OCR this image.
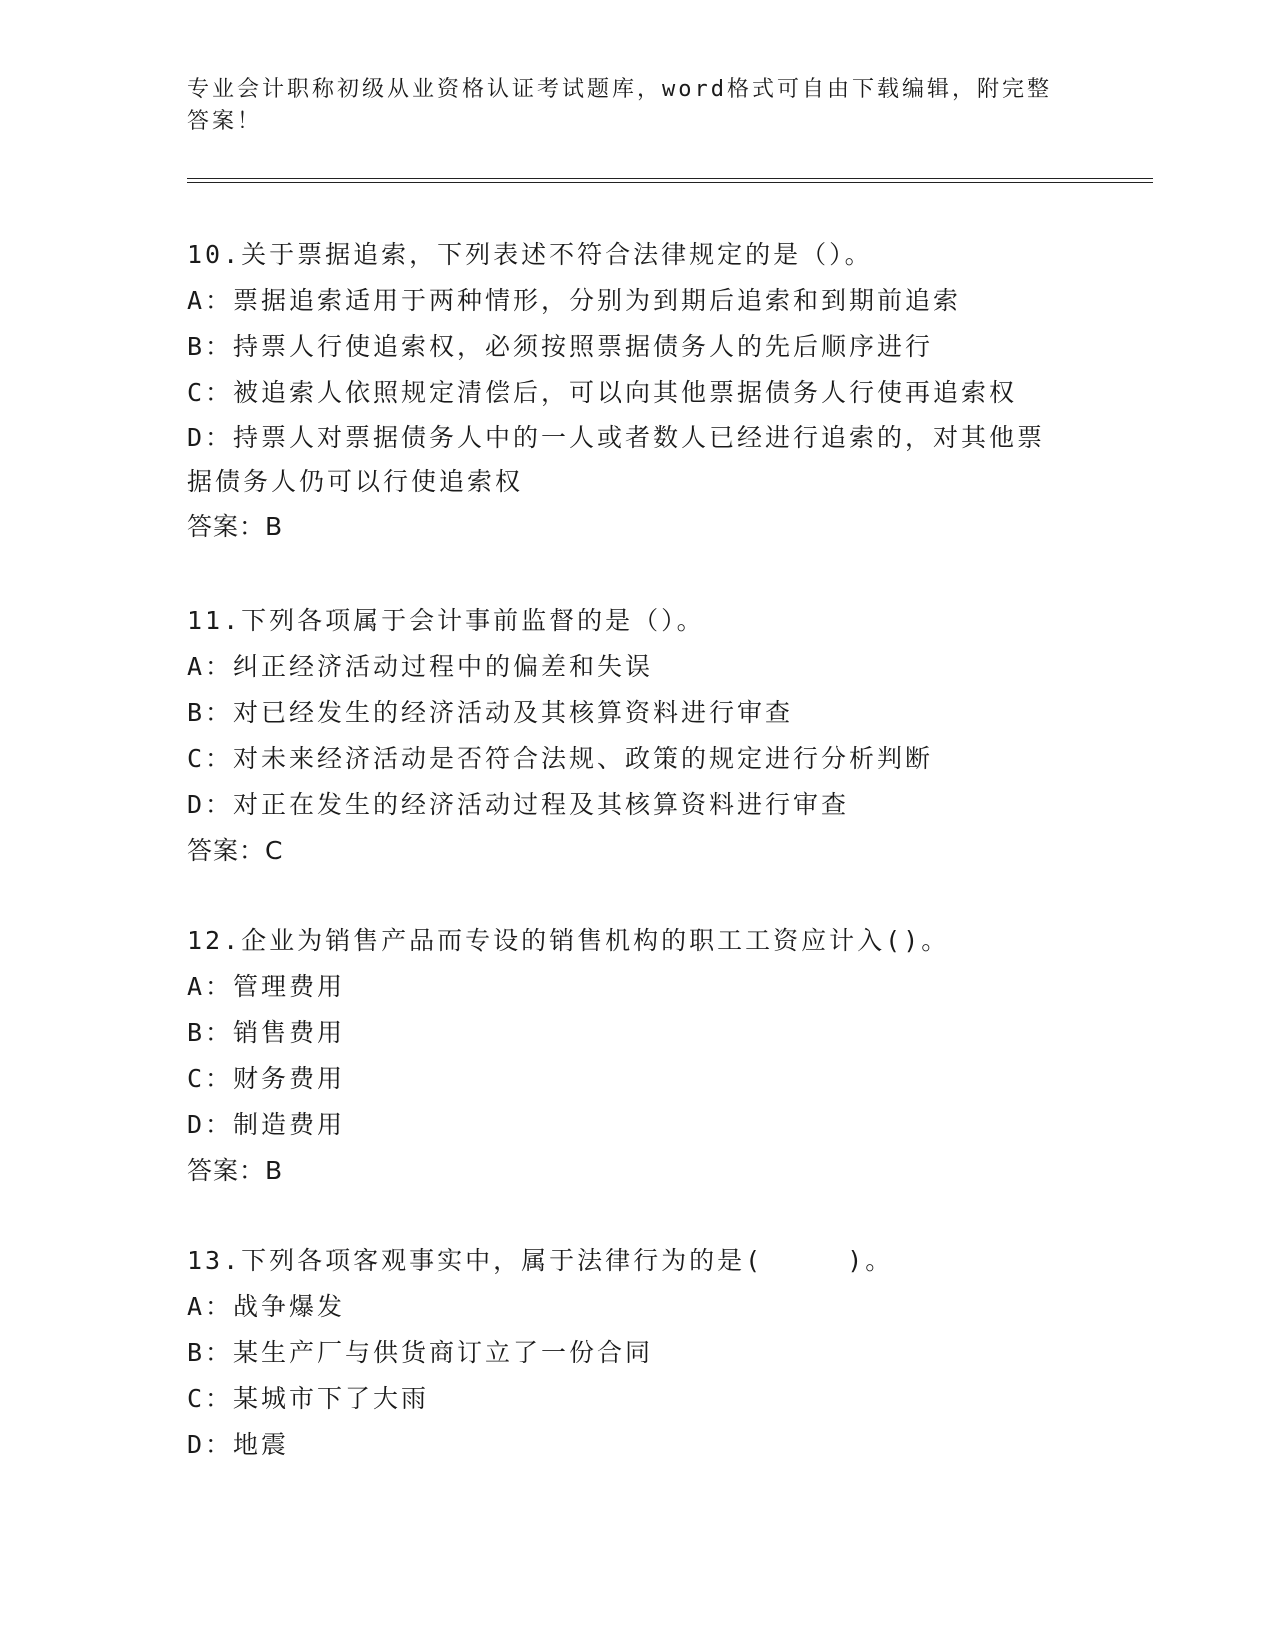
专业会计职称初级从业资格认证考试题库，word格式可自由下载编辑，附完整答案！
10.关于票据追索，下列表述不符合法律规定的是（）。
A：票据追索适用于两种情形，分别为到期后追索和到期前追索
B：持票人行使追索权，必须按照票据债务人的先后顺序进行
C：被追索人依照规定清偿后，可以向其他票据债务人行使再追索权
D：持票人对票据债务人中的一人或者数人已经进行追索的，对其他票据债务人仍可以行使追索权
答案：B
11.下列各项属于会计事前监督的是（）。
A：纠正经济活动过程中的偏差和失误
B：对已经发生的经济活动及其核算资料进行审查
C：对未来经济活动是否符合法规、政策的规定进行分析判断
D：对正在发生的经济活动过程及其核算资料进行审查
答案：C
12.企业为销售产品而专设的销售机构的职工工资应计入()。
A：管理费用
B：销售费用
C：财务费用
D：制造费用
答案：B
13.下列各项客观事实中，属于法律行为的是(　　　)。
A：战争爆发
B：某生产厂与供货商订立了一份合同
C：某城市下了大雨
D：地震
